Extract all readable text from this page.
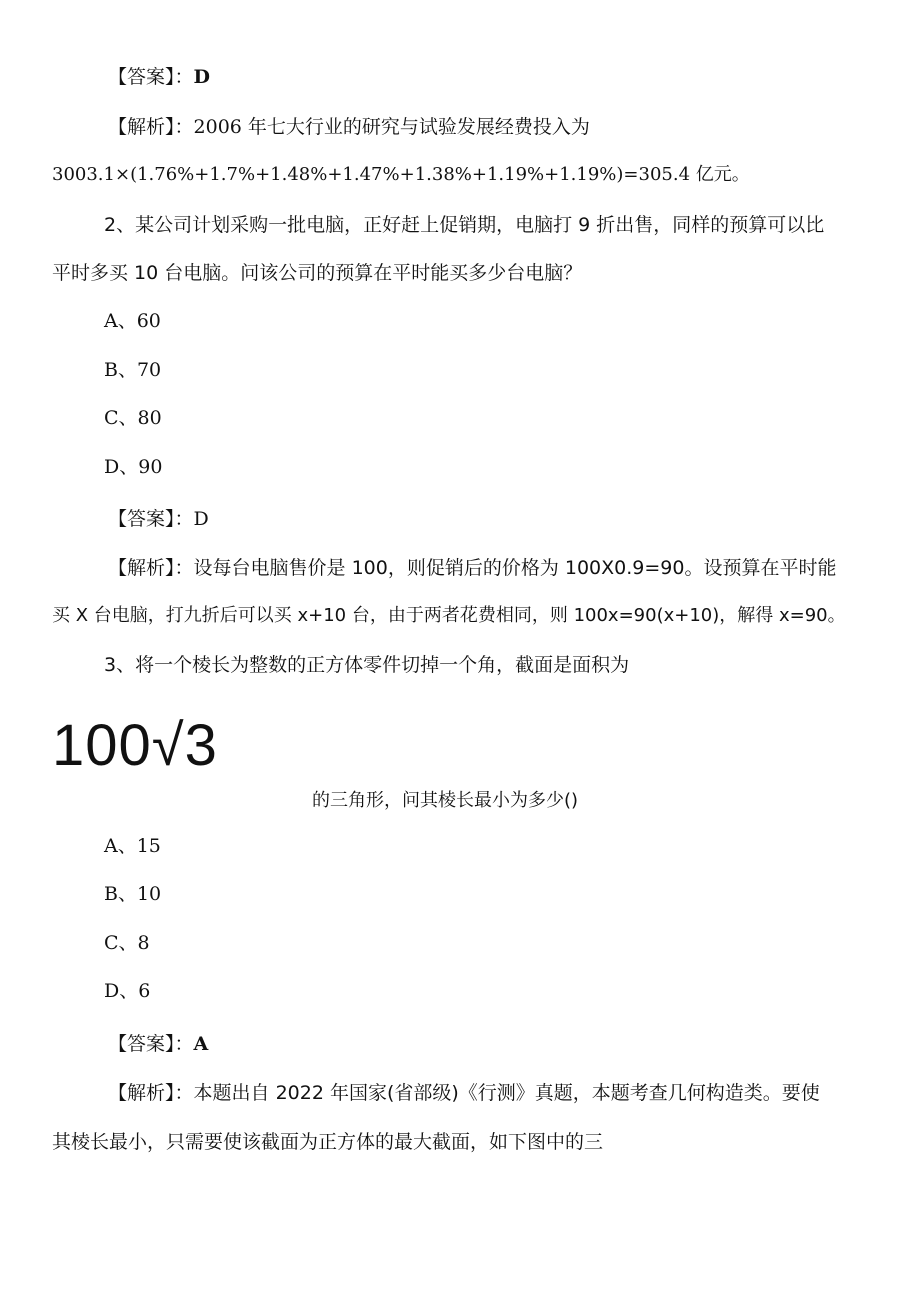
【答案】：D
【解析】：2006 年七大行业的研究与试验发展经费投入为
3003.1×(1.76%+1.7%+1.48%+1.47%+1.38%+1.19%+1.19%)=305.4 亿元。
2、某公司计划采购一批电脑，正好赶上促销期，电脑打 9 折出售，同样的预算可以比
平时多买 10 台电脑。问该公司的预算在平时能买多少台电脑？
A、60
B、70
C、80
D、90
【答案】：D
【解析】：设每台电脑售价是 100，则促销后的价格为 100X0.9=90。设预算在平时能
买 X 台电脑，打九折后可以买 x+10 台，由于两者花费相同，则 100x=90(x+10)，解得 x=90。
3、将一个棱长为整数的正方体零件切掉一个角，截面是面积为
100√3
的三角形，问其棱长最小为多少()
A、15
B、10
C、8
D、6
【答案】：A
【解析】：本题出自 2022 年国家(省部级)《行测》真题，本题考查几何构造类。要使
其棱长最小，只需要使该截面为正方体的最大截面，如下图中的三
